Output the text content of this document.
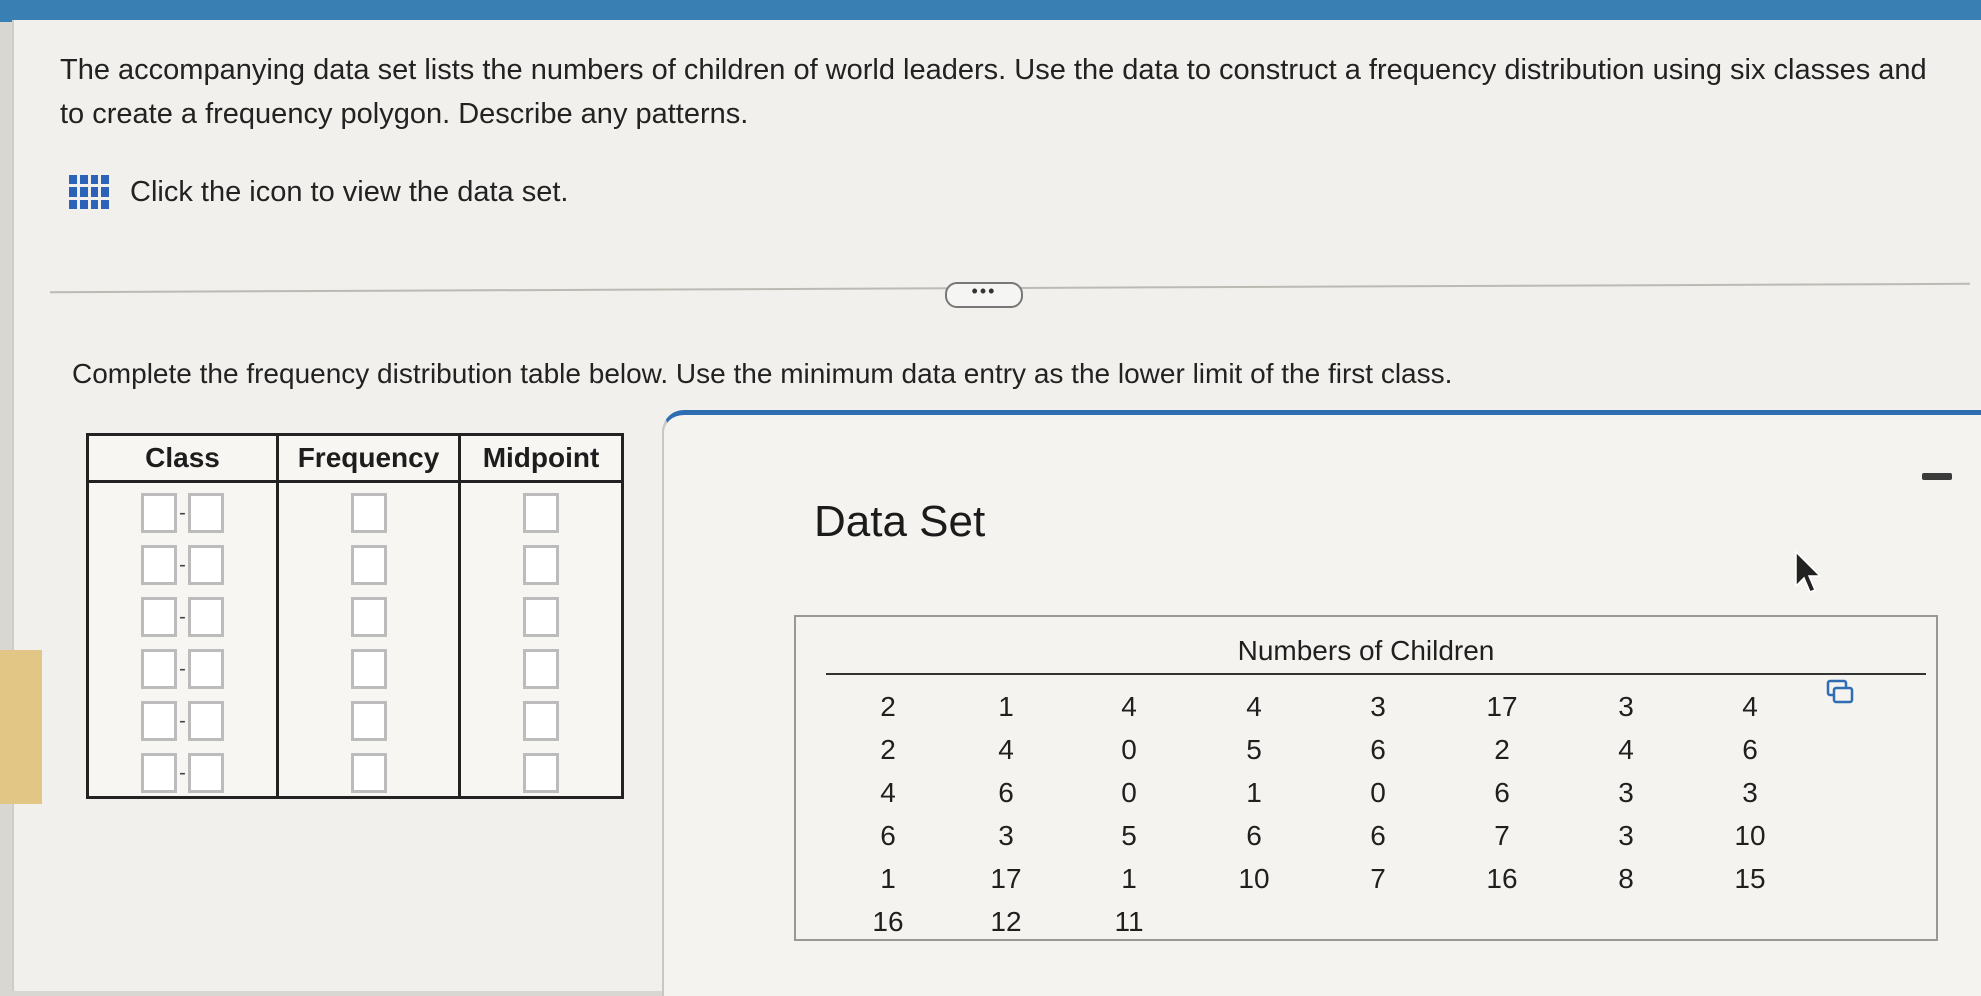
The accompanying data set lists the numbers of children of world leaders. Use the data to construct a frequency distribution using six classes and to create a frequency polygon. Describe any patterns.
Click the icon to view the data set.
•••
Complete the frequency distribution table below. Use the minimum data entry as the lower limit of the first class.
Class	Frequency	Midpoint
-
-
-
-
-
-
Data Set
Numbers of Children
2
2
4
6
1
16
1
4
6
3
17
12
4
0
0
5
1
11
4
5
1
6
10
3
6
0
6
7
17
2
6
7
16
3
4
3
3
8
4
6
3
10
15
